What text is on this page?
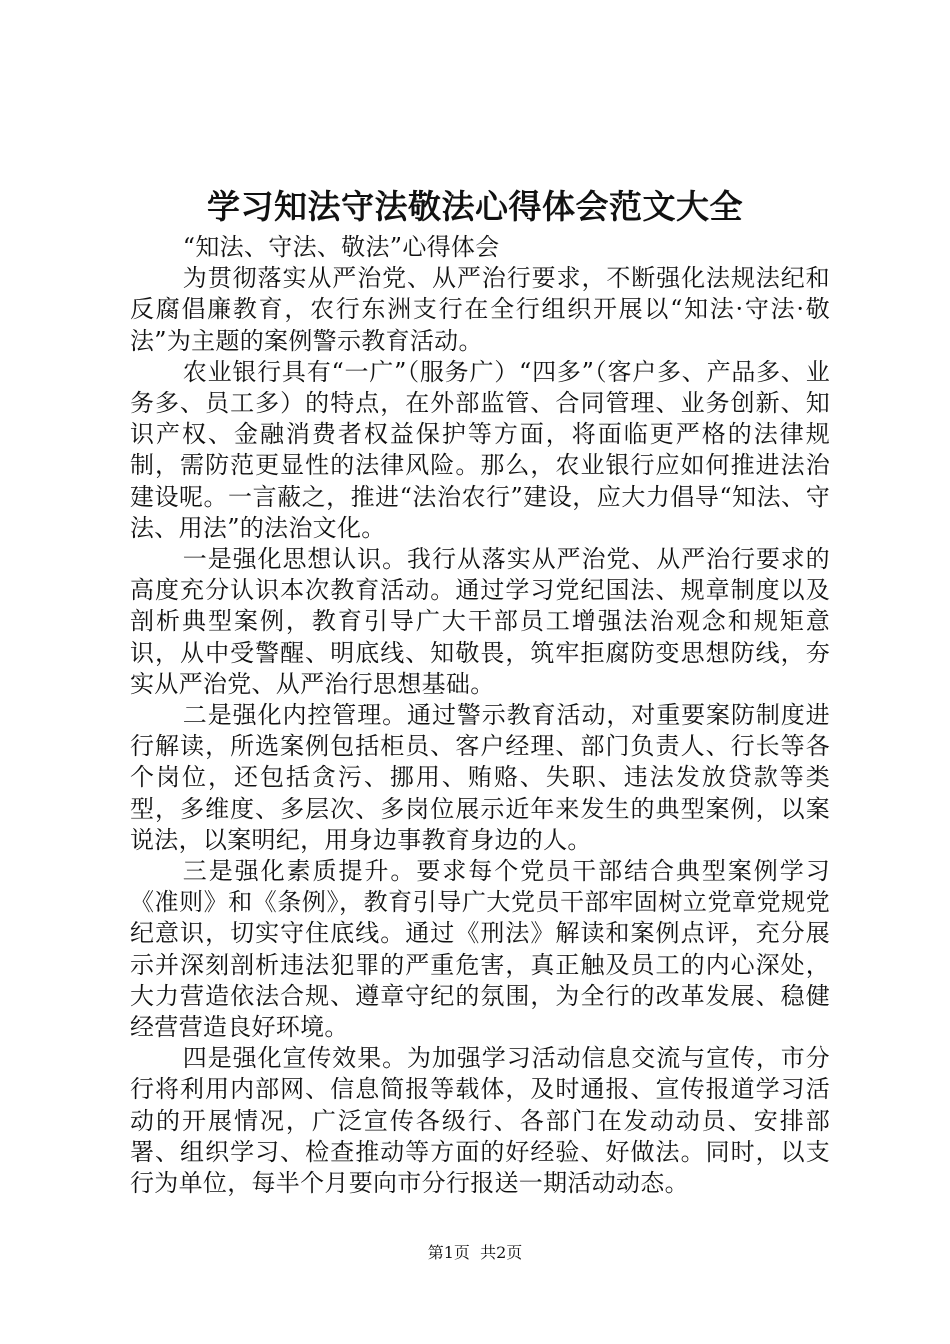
学习知法守法敬法心得体会范文大全

“知法、守法、敬法”心得体会

为贯彻落实从严治党、从严治行要求，不断强化法规法纪和反腐倡廉教育，农行东洲支行在全行组织开展以“知法·守法·敬法”为主题的案例警示教育活动。

农业银行具有“一广”（服务广）“四多”（客户多、产品多、业务多、员工多）的特点，在外部监管、合同管理、业务创新、知识产权、金融消费者权益保护等方面，将面临更严格的法律规制，需防范更显性的法律风险。那么，农业银行应如何推进法治建设呢。一言蔽之，推进“法治农行”建设，应大力倡导“知法、守法、用法”的法治文化。

一是强化思想认识。我行从落实从严治党、从严治行要求的高度充分认识本次教育活动。通过学习党纪国法、规章制度以及剖析典型案例，教育引导广大干部员工增强法治观念和规矩意识，从中受警醒、明底线、知敬畏，筑牢拒腐防变思想防线，夯实从严治党、从严治行思想基础。

二是强化内控管理。通过警示教育活动，对重要案防制度进行解读，所选案例包括柜员、客户经理、部门负责人、行长等各个岗位，还包括贪污、挪用、贿赂、失职、违法发放贷款等类型，多维度、多层次、多岗位展示近年来发生的典型案例，以案说法，以案明纪，用身边事教育身边的人。

三是强化素质提升。要求每个党员干部结合典型案例学习《准则》和《条例》，教育引导广大党员干部牢固树立党章党规党纪意识，切实守住底线。通过《刑法》解读和案例点评，充分展示并深刻剖析违法犯罪的严重危害，真正触及员工的内心深处，大力营造依法合规、遵章守纪的氛围，为全行的改革发展、稳健经营营造良好环境。

四是强化宣传效果。为加强学习活动信息交流与宣传，市分行将利用内部网、信息简报等载体，及时通报、宣传报道学习活动的开展情况，广泛宣传各级行、各部门在发动动员、安排部署、组织学习、检查推动等方面的好经验、好做法。同时，以支行为单位，每半个月要向市分行报送一期活动动态。

第1页 共2页
